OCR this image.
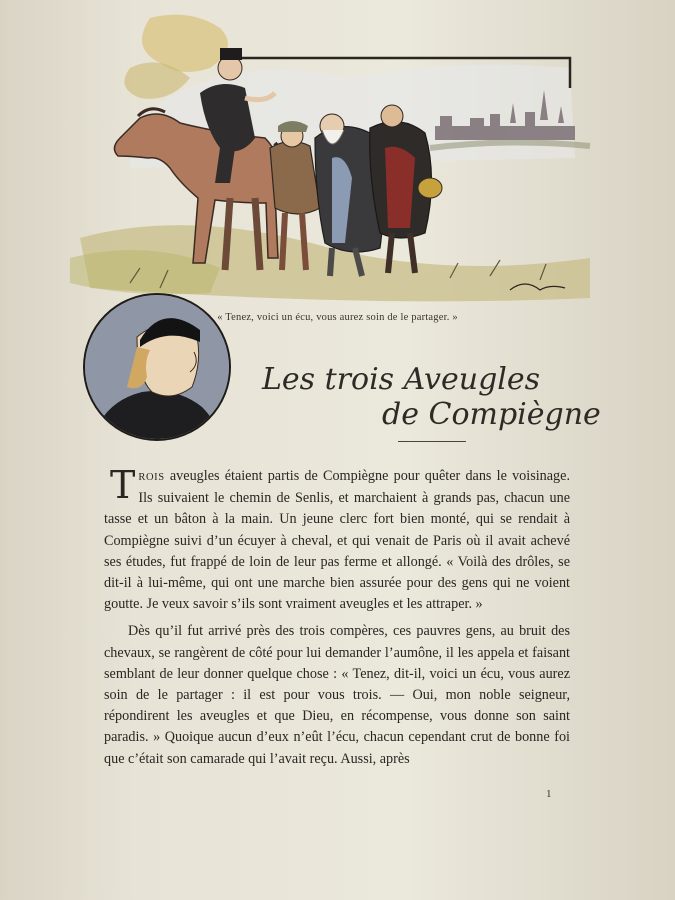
« Tenez, voici un écu, vous aurez soin de le partager. »
Les trois Aveugles
de Compiègne

TROIS aveugles étaient partis de Compiègne pour quêter dans le voisinage. Ils suivaient le chemin de Senlis, et marchaient à grands pas, chacun une tasse et un bâton à la main. Un jeune clerc fort bien monté, qui se rendait à Compiègne suivi d’un écuyer à cheval, et qui venait de Paris où il avait achevé ses études, fut frappé de loin de leur pas ferme et allongé. « Voilà des drôles, se dit-il à lui-même, qui ont une marche bien assurée pour des gens qui ne voient goutte. Je veux savoir s’ils sont vraiment aveugles et les attraper. »

Dès qu’il fut arrivé près des trois compères, ces pauvres gens, au bruit des chevaux, se rangèrent de côté pour lui demander l’aumône, il les appela et faisant semblant de leur donner quelque chose : « Tenez, dit-il, voici un écu, vous aurez soin de le partager : il est pour vous trois. — Oui, mon noble seigneur, répondirent les aveugles et que Dieu, en récompense, vous donne son saint paradis. » Quoique aucun d’eux n’eût l’écu, chacun cependant crut de bonne foi que c’était son camarade qui l’avait reçu. Aussi, après

1
